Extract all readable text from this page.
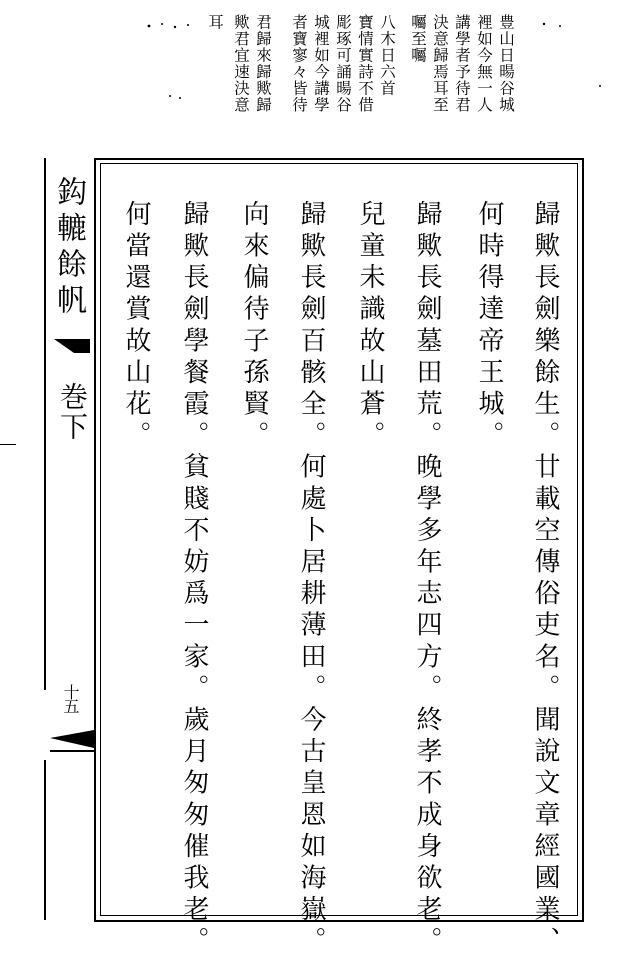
豊山日暘谷城
裡如今無一人
講學者予待君
決意歸焉耳至
囑至囑
八木日六首
寶情實詩不借
彫琢可誦暘谷
城裡如今講學
者寶寥々皆待
君歸來歸歟歸
歟君宜速決意
耳
歸歟長劍樂餘生。廿載空傳俗吏名。聞說文章經國業、
何時得達帝王城。
歸歟長劍墓田荒。晚學多年志四方。終孝不成身欲老。
兒童未識故山蒼。
歸歟長劍百骸全。何處卜居耕薄田。今古皇恩如海嶽。
向來偏待子孫賢。
歸歟長劍學餐霞。貧賤不妨爲一家。歲月匆匆催我老。
何當還賞故山花。
鈎轆餘帆
巻下
十五
